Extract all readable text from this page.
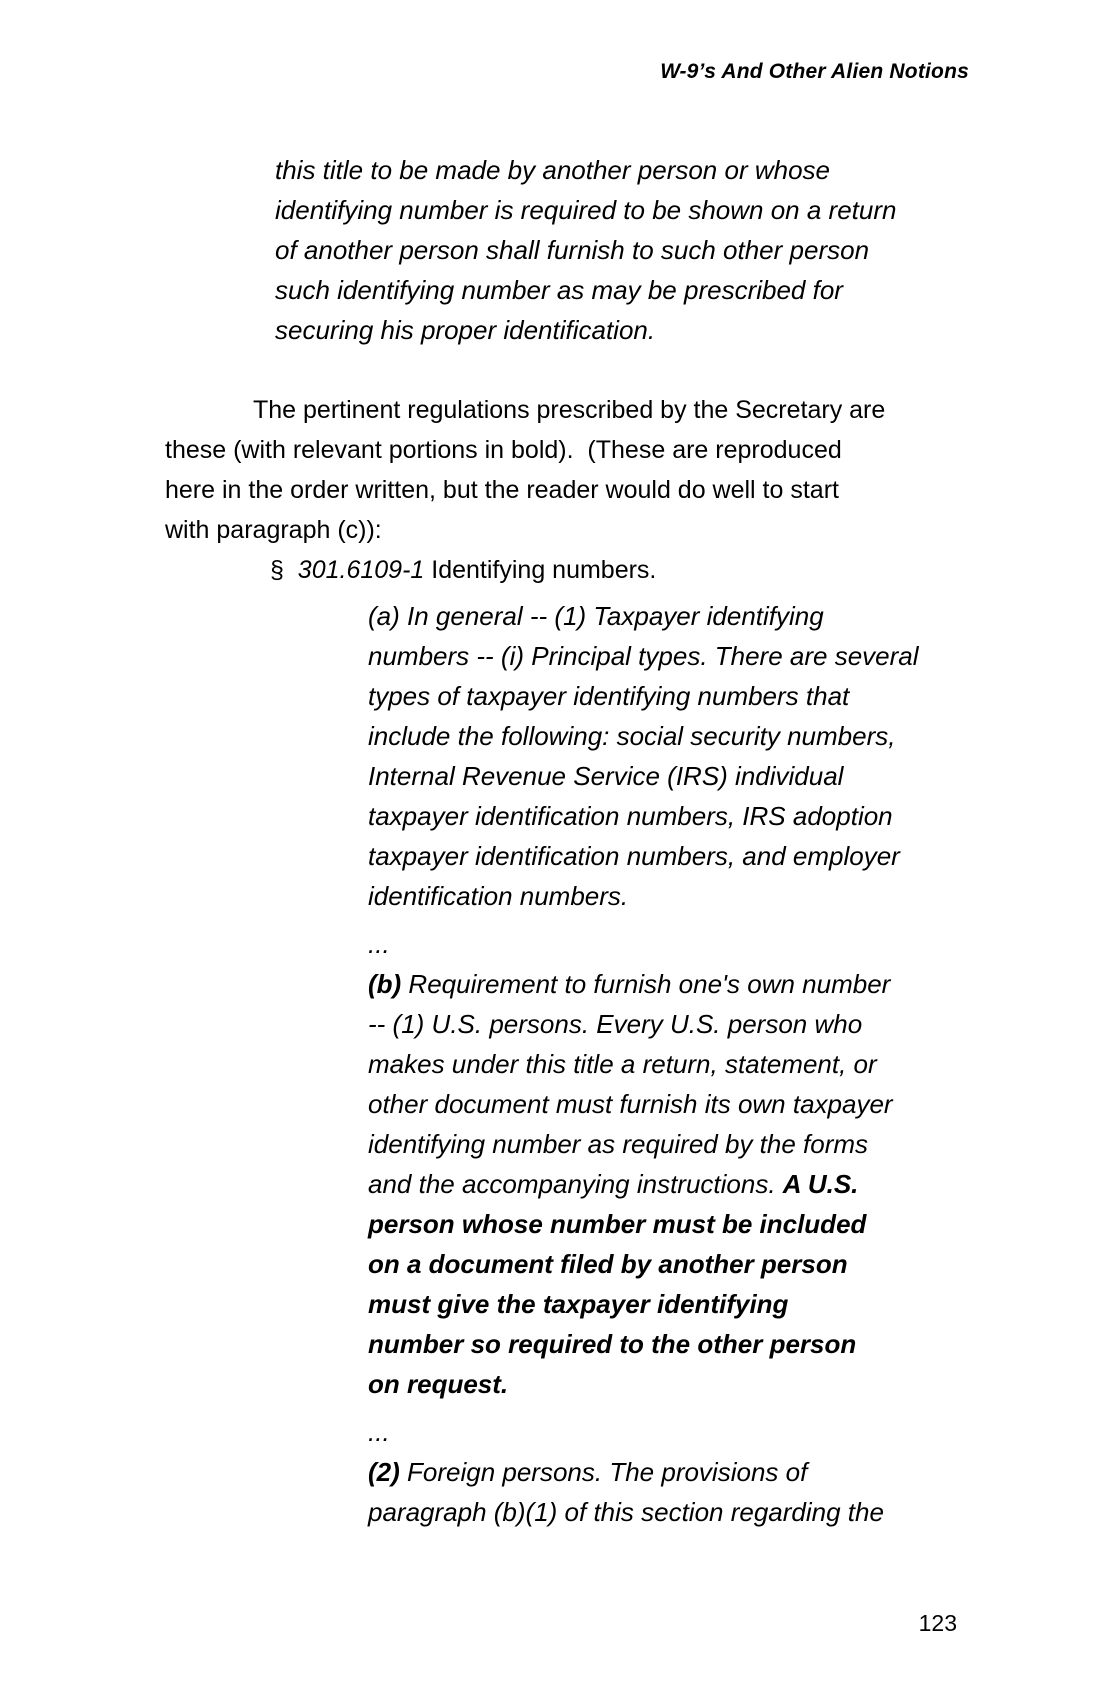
W-9’s And Other Alien Notions
this title to be made by another person or whose
identifying number is required to be shown on a return
of another person shall furnish to such other person
such identifying number as may be prescribed for
securing his proper identification.
The pertinent regulations prescribed by the Secretary are
these (with relevant portions in bold).  (These are reproduced
here in the order written, but the reader would do well to start
with paragraph (c)):
§  301.6109-1 Identifying numbers.
(a) In general -- (1) Taxpayer identifying
numbers -- (i) Principal types. There are several
types of taxpayer identifying numbers that
include the following: social security numbers,
Internal Revenue Service (IRS) individual
taxpayer identification numbers, IRS adoption
taxpayer identification numbers, and employer
identification numbers.
...
(b) Requirement to furnish one's own number
-- (1) U.S. persons. Every U.S. person who
makes under this title a return, statement, or
other document must furnish its own taxpayer
identifying number as required by the forms
and the accompanying instructions. A U.S.
person whose number must be included
on a document filed by another person
must give the taxpayer identifying
number so required to the other person
on request.
...
(2) Foreign persons. The provisions of
paragraph (b)(1) of this section regarding the
123
